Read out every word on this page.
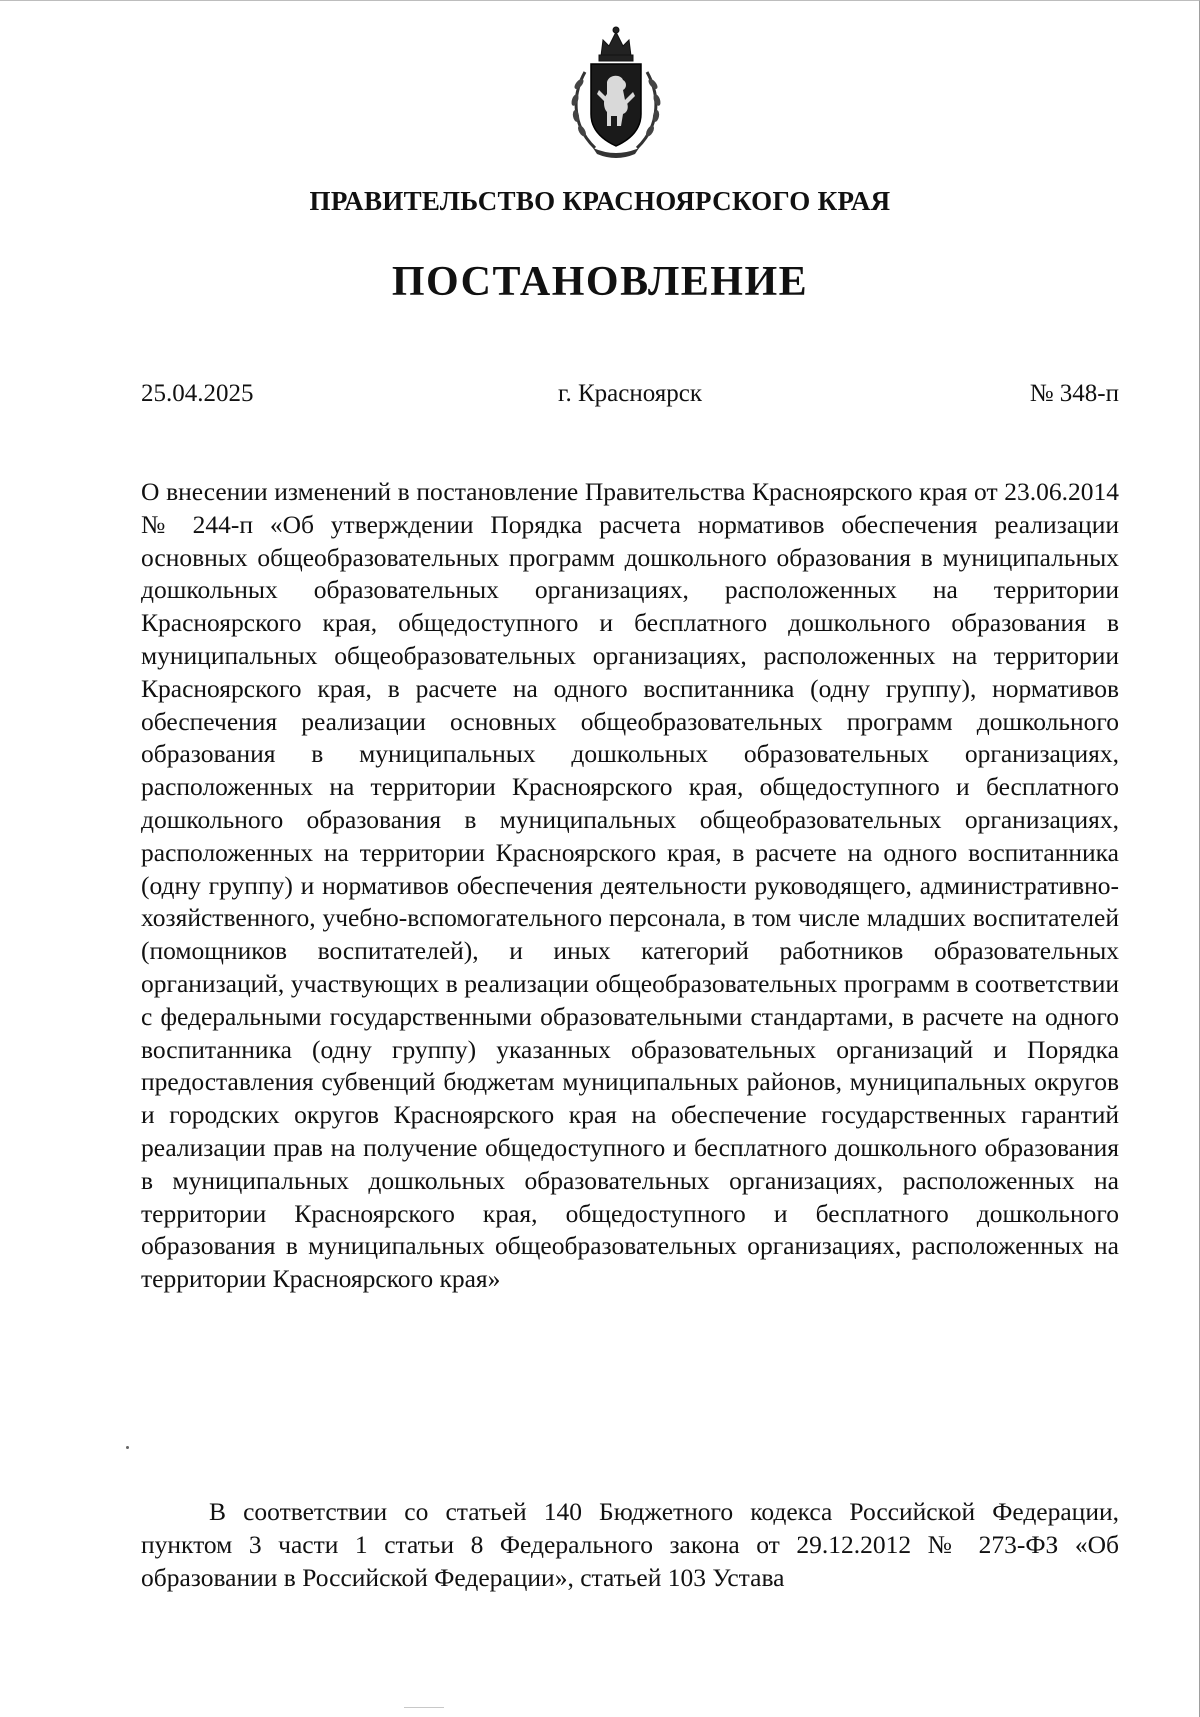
ПРАВИТЕЛЬСТВО КРАСНОЯРСКОГО КРАЯ
ПОСТАНОВЛЕНИЕ
25.04.2025	г. Красноярск	№ 348-п

О внесении изменений в постановление Правительства Красноярского края от 23.06.2014 № 244-п «Об утверждении Порядка расчета нормативов обеспечения реализации основных общеобразовательных программ дошкольного образования в муниципальных дошкольных образовательных организациях, расположенных на территории Красноярского края, общедоступного и бесплатного дошкольного образования в муниципальных общеобразовательных организациях, расположенных на территории Красноярского края, в расчете на одного воспитанника (одну группу), нормативов обеспечения реализации основных общеобразовательных программ дошкольного образования в муниципальных дошкольных образовательных организациях, расположенных на территории Красноярского края, общедоступного и бесплатного дошкольного образования в муниципальных общеобразовательных организациях, расположенных на территории Красноярского края, в расчете на одного воспитанника (одну группу) и нормативов обеспечения деятельности руководящего, административно-хозяйственного, учебно-вспомогательного персонала, в том числе младших воспитателей (помощников воспитателей), и иных категорий работников образовательных организаций, участвующих в реализации общеобразовательных программ в соответствии с федеральными государственными образовательными стандартами, в расчете на одного воспитанника (одну группу) указанных образовательных организаций и Порядка предоставления субвенций бюджетам муниципальных районов, муниципальных округов и городских округов Красноярского края на обеспечение государственных гарантий реализации прав на получение общедоступного и бесплатного дошкольного образования в муниципальных дошкольных образовательных организациях, расположенных на территории Красноярского края, общедоступного и бесплатного дошкольного образования в муниципальных общеобразовательных организациях, расположенных на территории Красноярского края»

В соответствии со статьей 140 Бюджетного кодекса Российской Федерации, пунктом 3 части 1 статьи 8 Федерального закона от 29.12.2012 № 273-ФЗ «Об образовании в Российской Федерации», статьей 103 Устава
